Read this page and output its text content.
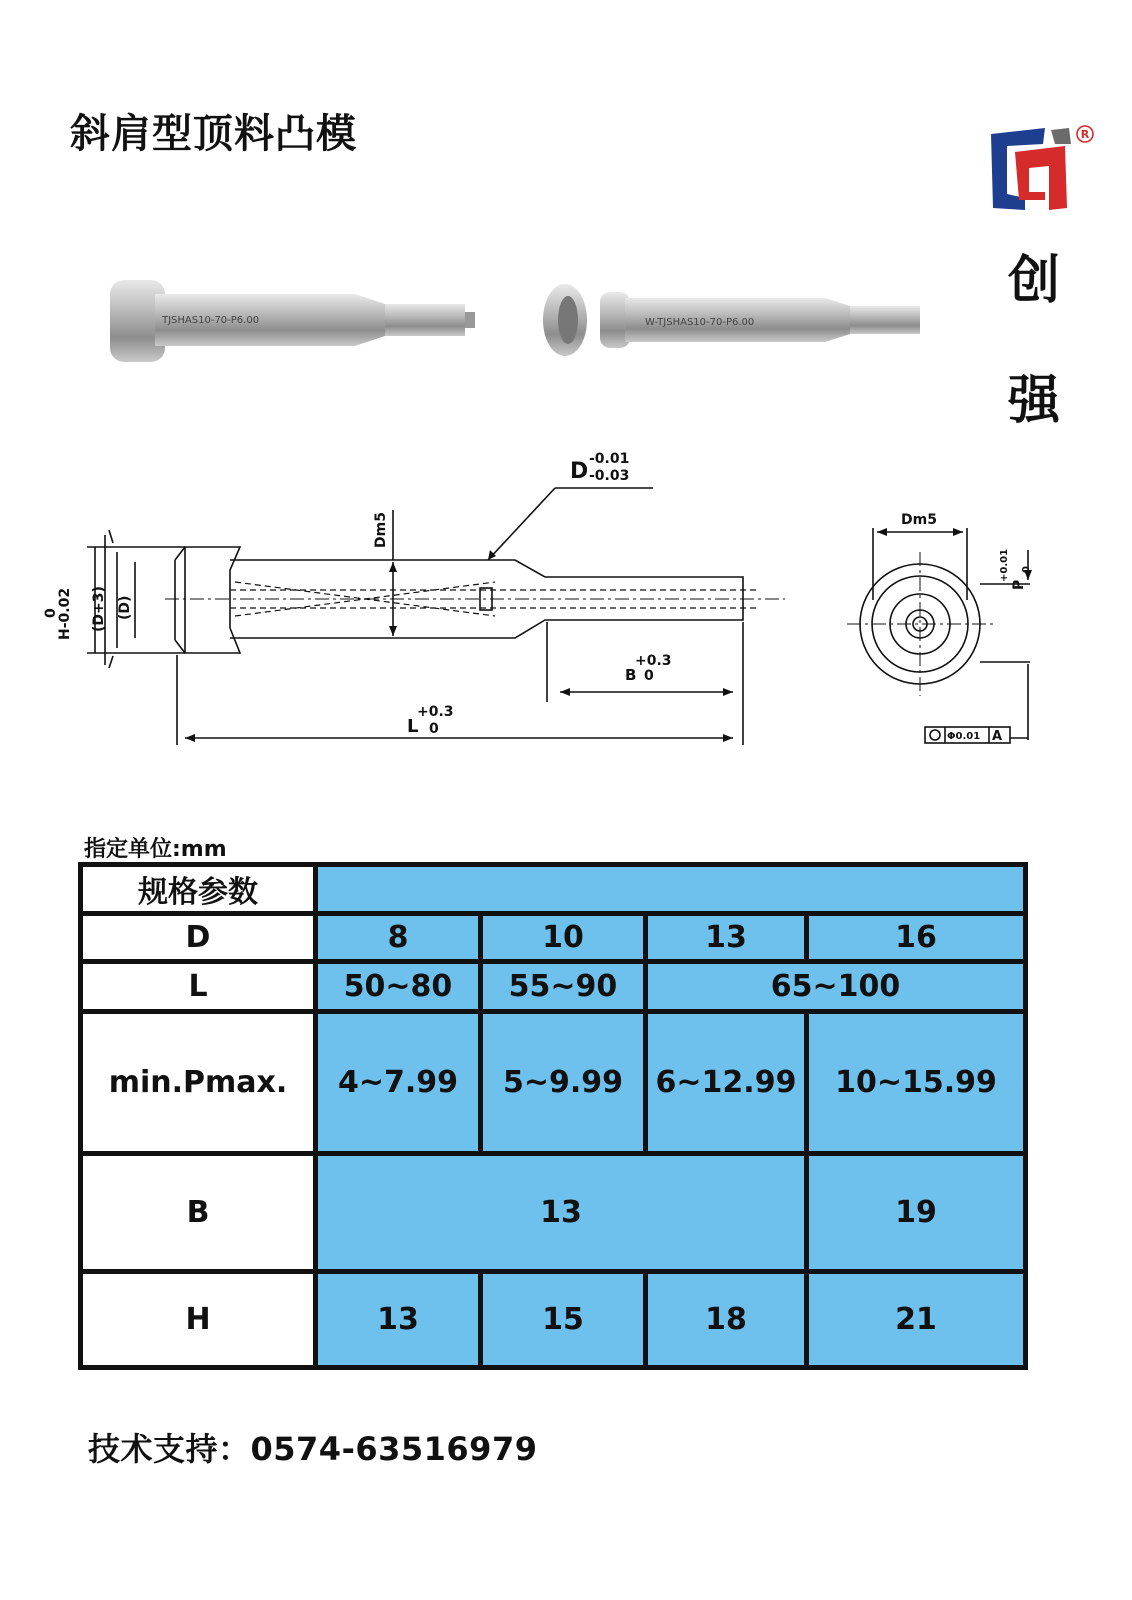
斜肩型顶料凸模	R
创
强
TJSHAS10-70-P6.00	W-TJSHAS10-70-P6.00
D -0.01
-0.03
Dm5
H-0.02
0 (D+3) (D)
B
+0.3
0
L
+0.3
0
Dm5
P
+0.01 0
Φ0.01 A
指定单位:mm
规格参数				
D	8	10	13	16
L	50~80	55~90	65~100	
min.Pmax.	4~7.99	5~9.99	6~12.99	10~15.99
B	13			19
H	13	15	18	21
技术支持：0574-63516979
